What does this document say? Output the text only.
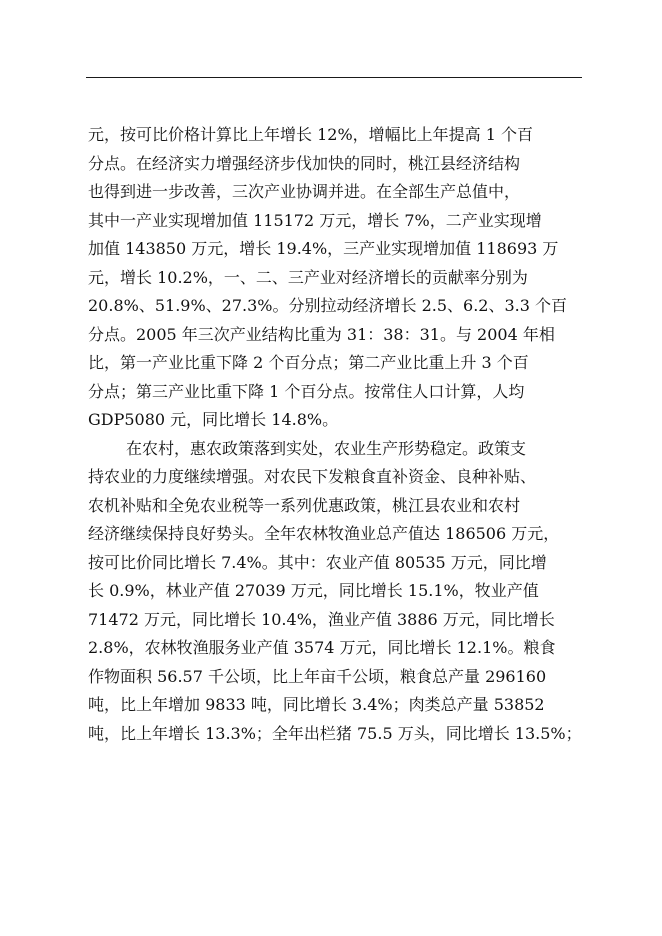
元，按可比价格计算比上年增长 12%，增幅比上年提高 1 个百
分点。在经济实力增强经济步伐加快的同时，桃江县经济结构
也得到进一步改善，三次产业协调并进。在全部生产总值中，
其中一产业实现增加值 115172 万元，增长 7%，二产业实现增
加值 143850 万元，增长 19.4%，三产业实现增加值 118693 万
元，增长 10.2%，一、二、三产业对经济增长的贡献率分别为
20.8%、51.9%、27.3%。分别拉动经济增长 2.5、6.2、3.3 个百
分点。2005 年三次产业结构比重为 31：38：31。与 2004 年相
比，第一产业比重下降 2 个百分点；第二产业比重上升 3 个百
分点；第三产业比重下降 1 个百分点。按常住人口计算，人均
GDP5080 元，同比增长 14.8%。
在农村，惠农政策落到实处，农业生产形势稳定。政策支
持农业的力度继续增强。对农民下发粮食直补资金、良种补贴、
农机补贴和全免农业税等一系列优惠政策，桃江县农业和农村
经济继续保持良好势头。全年农林牧渔业总产值达 186506 万元，
按可比价同比增长 7.4%。其中：农业产值 80535 万元，同比增
长 0.9%，林业产值 27039 万元，同比增长 15.1%，牧业产值
71472 万元，同比增长 10.4%，渔业产值 3886 万元，同比增长
2.8%，农林牧渔服务业产值 3574 万元，同比增长 12.1%。粮食
作物面积 56.57 千公顷，比上年亩千公顷，粮食总产量 296160
吨，比上年增加 9833 吨，同比增长 3.4%；肉类总产量 53852
吨，比上年增长 13.3%；全年出栏猪 75.5 万头，同比增长 13.5%；
